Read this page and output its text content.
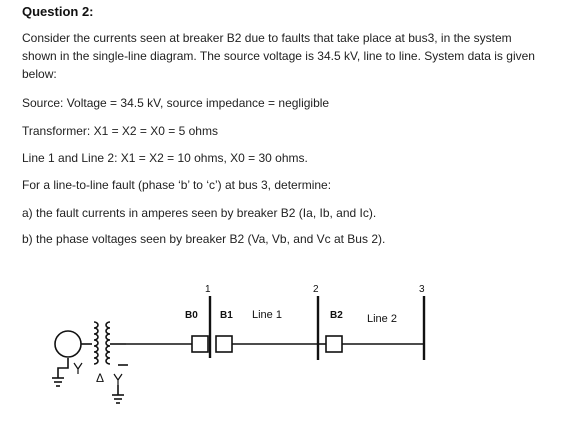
Question 2:
Consider the currents seen at breaker B2 due to faults that take place at bus3, in the system shown in the single-line diagram. The source voltage is 34.5 kV, line to line. System data is given below:
Source: Voltage = 34.5 kV, source impedance = negligible
Transformer: X1 = X2 = X0 = 5 ohms
Line 1 and Line 2: X1 = X2 = 10 ohms, X0 = 30 ohms.
For a line-to-line fault (phase ‘b’ to ‘c’) at bus 3, determine:
a) the fault currents in amperes seen by breaker B2 (Ia, Ib, and Ic).
b) the phase voltages seen by breaker B2 (Va, Vb, and Vc at Bus 2).
Δ
1
B0 B1 Line 1
2
B2 Line 2
3
